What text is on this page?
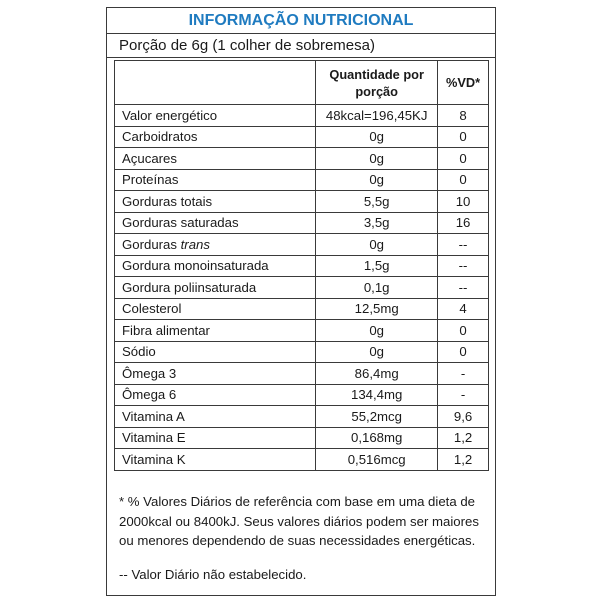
INFORMAÇÃO NUTRICIONAL
Porção de 6g (1 colher de sobremesa)
	Quantidade por porção	%VD*
Valor energético	48kcal=196,45KJ	8
Carboidratos	0g	0
Açucares	0g	0
Proteínas	0g	0
Gorduras totais	5,5g	10
Gorduras saturadas	3,5g	16
Gorduras trans	0g	--
Gordura monoinsaturada	1,5g	--
Gordura poliinsaturada	0,1g	--
Colesterol	12,5mg	4
Fibra alimentar	0g	0
Sódio	0g	0
Ômega 3	86,4mg	-
Ômega 6	134,4mg	-
Vitamina A	55,2mcg	9,6
Vitamina E	0,168mg	1,2
Vitamina K	0,516mcg	1,2

* % Valores Diários de referência com base em uma dieta de 2000kcal ou 8400kJ. Seus valores diários podem ser maiores ou menores dependendo de suas necessidades energéticas.

-- Valor Diário não estabelecido.
